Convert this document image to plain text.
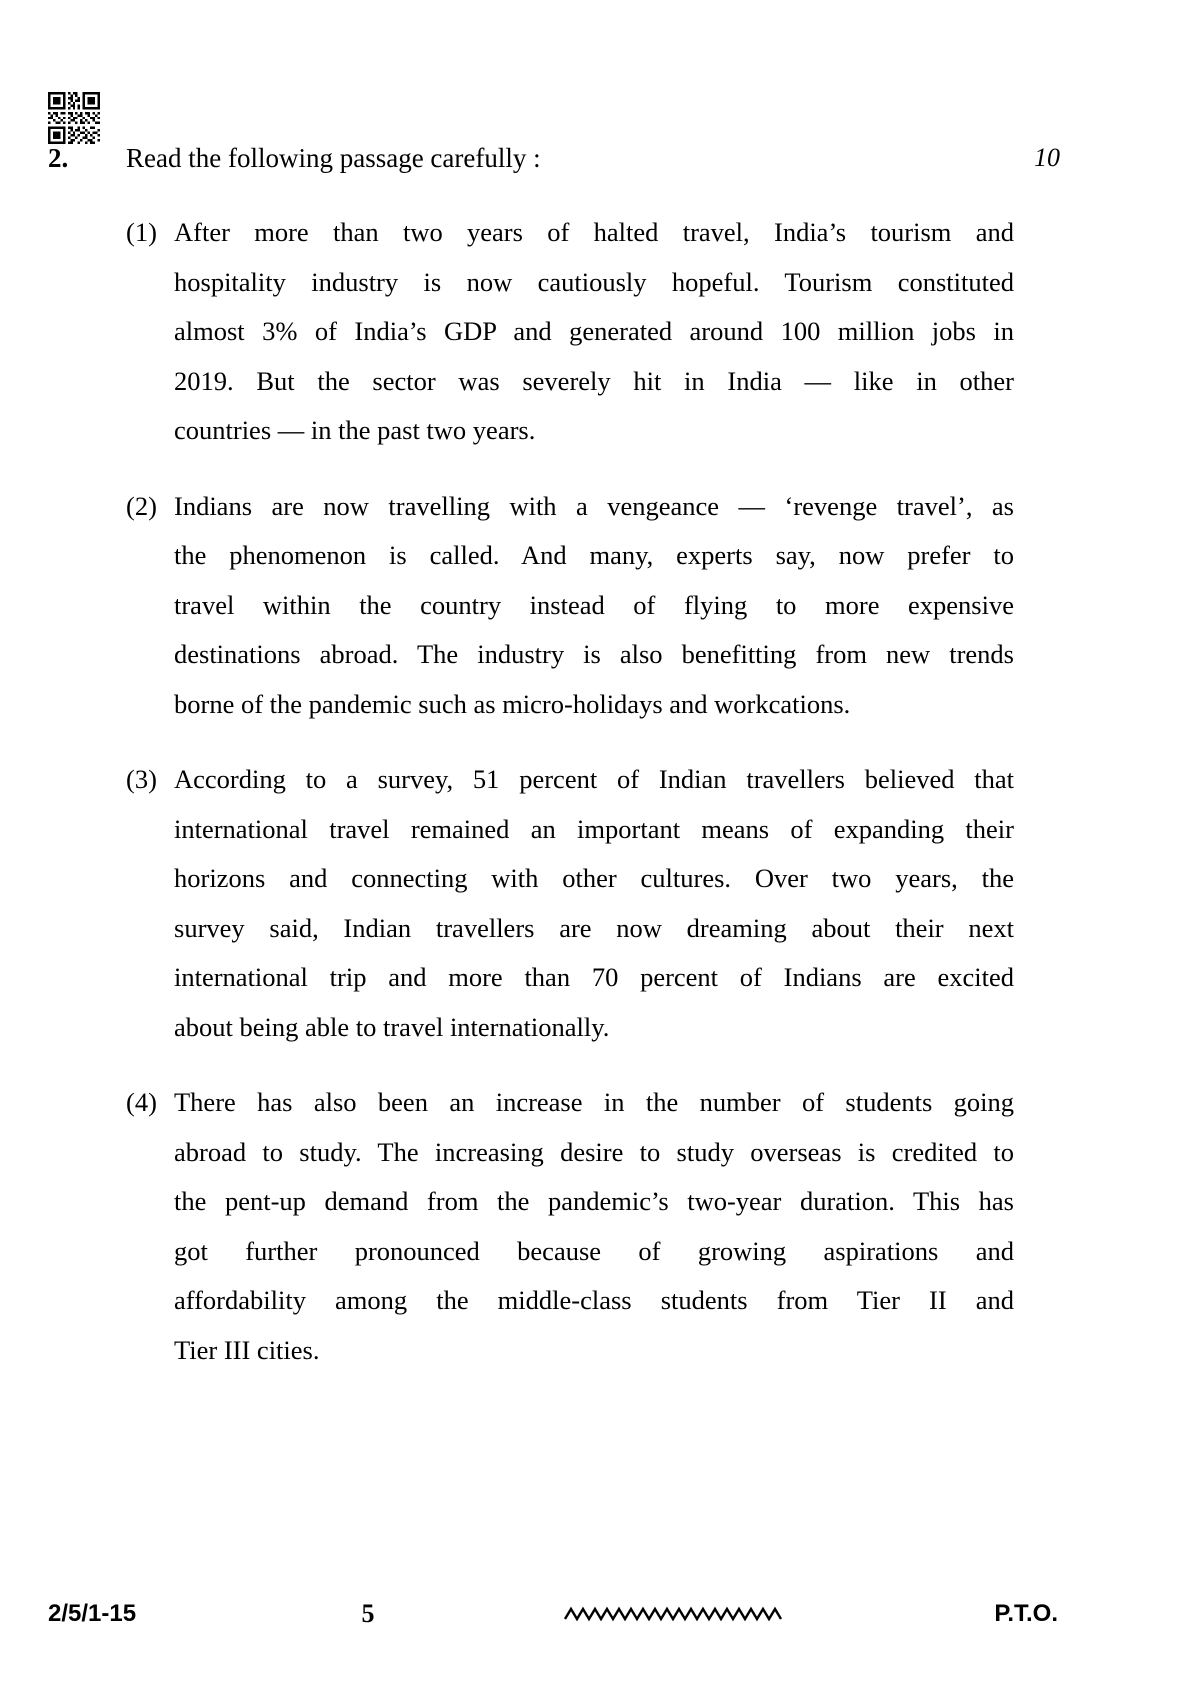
2.	Read the following passage carefully :	10
(1) After more than two years of halted travel, India’s tourism and
hospitality industry is now cautiously hopeful. Tourism constituted
almost 3% of India’s GDP and generated around 100 million jobs in
2019. But the sector was severely hit in India — like in other
countries — in the past two years.
(2) Indians are now travelling with a vengeance — ‘revenge travel’, as
the phenomenon is called. And many, experts say, now prefer to
travel within the country instead of flying to more expensive
destinations abroad. The industry is also benefitting from new trends
borne of the pandemic such as micro-holidays and workcations.
(3) According to a survey, 51 percent of Indian travellers believed that
international travel remained an important means of expanding their
horizons and connecting with other cultures. Over two years, the
survey said, Indian travellers are now dreaming about their next
international trip and more than 70 percent of Indians are excited
about being able to travel internationally.
(4) There has also been an increase in the number of students going
abroad to study. The increasing desire to study overseas is credited to
the pent-up demand from the pandemic’s two-year duration. This has
got further pronounced because of growing aspirations and
affordability among the middle-class students from Tier II and
Tier III cities.
2/5/1-15	5	P.T.O.
